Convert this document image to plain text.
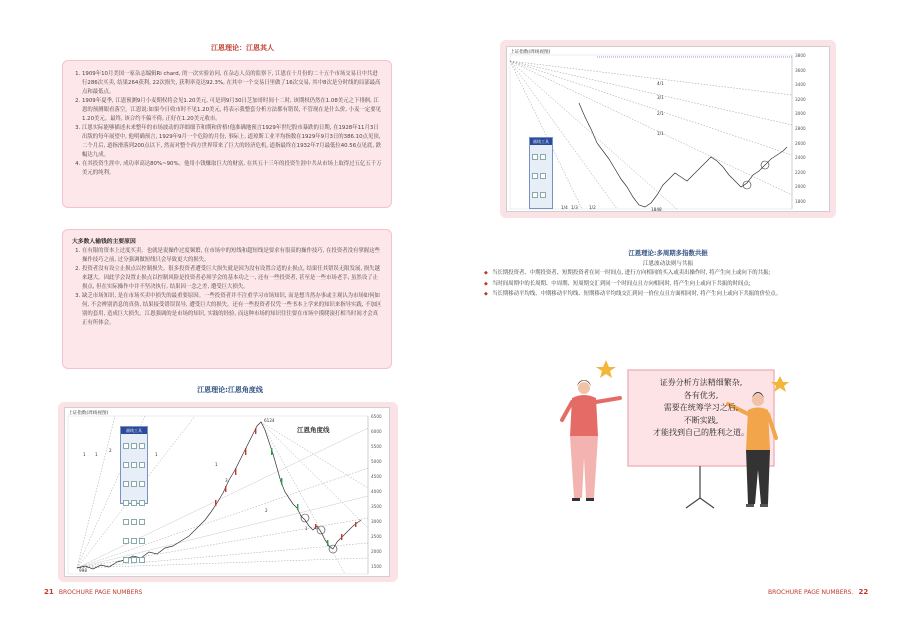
江恩理论：江恩其人
1. 1909年10月美国一家杂志编辑Ri chard, 的一次实验访问, 在杂志人员的监察下, 江恩在十月份的二十五个市场交易日中共进行286次买卖, 结果264获利, 22次损失, 获利率竟达92.3%, 在其中一个交易日里做了16次交易, 其中8次是分时线的局部最高点和最低点。
2. 1909年夏季, 江恩预测9月小麦期权将会见1.20美元, 可是到9月30日芝加哥时间十二时, 该期权仍然在1.08美元之下徘徊, 江恩的预测眼看落空。江恩说:如果今日收市时不见1.20美元, 将表示我整套分析方法都有错误, 不管现在是什么价, 小麦一定要见1.20美元。最终, 该合约不偏不倚, 正好在1.20美元收市。
3. 江恩实际能够描述未来整年的市场波动的详细细节和期和价格!他准确地预言1929年世纪股市暴跌的日期, 在1928年11月3日出版的每年展望中, 他明确预言, 1929年9月一个危险的月份, 事际上, 道琼斯工业平均指数在1929年9月3日的386.10点见顶, 二个月后, 道指滑落到200点以下, 然而对整个西方世界带来了巨大的经济危机, 道指最终在1932年7月最低位40.56点见底, 跌幅达九成。
4. 在其投资生涯中, 成功率高达80%~90%。他用小钱赚取巨大的财富, 在其五十三年的投资生涯中共从市场上取得过五亿五千万美元的纯利。
大多数人输钱的主要原因
1. 在有限的资本上过度买卖。也就是说操作过度频繁, 在市场中的短线和超短线是要求有很高的操作技巧, 在投资者没有掌握这些操作技巧之前, 过分强调做短线只会导致更大的损失。
2. 投资者没有设立止损点以控制损失。很多投资者遭受巨大损失就是因为没有设置合适的止损点, 结果任其错误无限发展, 损失越来越大。因此学会设置止损点以控制风险是投资者必须学会的基本功之一, 还有一些投资者, 甚至是一些市场老手, 虽然设了止损点, 但在实际操作中并不坚决执行, 结果因一念之差, 遭受巨大损失。
3. 缺乏市场知识, 是在市场买卖中损失的最重要原因。一些投资者并不注重学习市场知识, 而是想当然办事或主观认为市场如何如何, 不会辨别消息的真伪, 结果接受错误误导, 遭受巨大的损失。还有一些投资者仅凭一些书本上学来的知识来指导实践, 不加区别的套用, 造成巨大损失。江恩强调的是市场的知识, 实践的经验, 而这种市场的知识往往要在市场中摸爬滚打相当时间才会真正有所体会。
江恩理论:江恩角度线
上证指数(周线视图)
江恩角度线
6124
998
6500
6000
5500
5000
4500
4000
3500
3000
2500
2000
1500
1 1
2
1
1
3
2
1
画线工具
21 BROCHURE PAGE NUMBERS
上证指数(周线视图)
1848
3800
3600
3400
3200
3000
2800
2600
2400
2200
2000
1800
4/1
3/1
2/1
1/1
1/4 1/3	1/2
画线工具
江恩理论:多周期多指数共振
江恩波动法则与共振
◆ 当长期投资者、中期投资者、短期投资者在同一时间点, 进行方向相同的买入或卖出操作时, 将产生向上或向下的共振;
◆ 当时间周期中的长周期、中周期、短周期交汇到同一个时间点且方向相同时, 将产生向上或向下共振的时间点;
◆ 当长期移动平均线、中期移动平均线、短期移动平均线交汇到同一价位点且方面相同时, 将产生向上或向下共振的价位点。
证券分析方法精细繁杂,
各有优劣,
需要在统筹学习之后,
不断实践,
才能找到自己的胜利之道。
BROCHURE PAGE NUMBERS. 22
